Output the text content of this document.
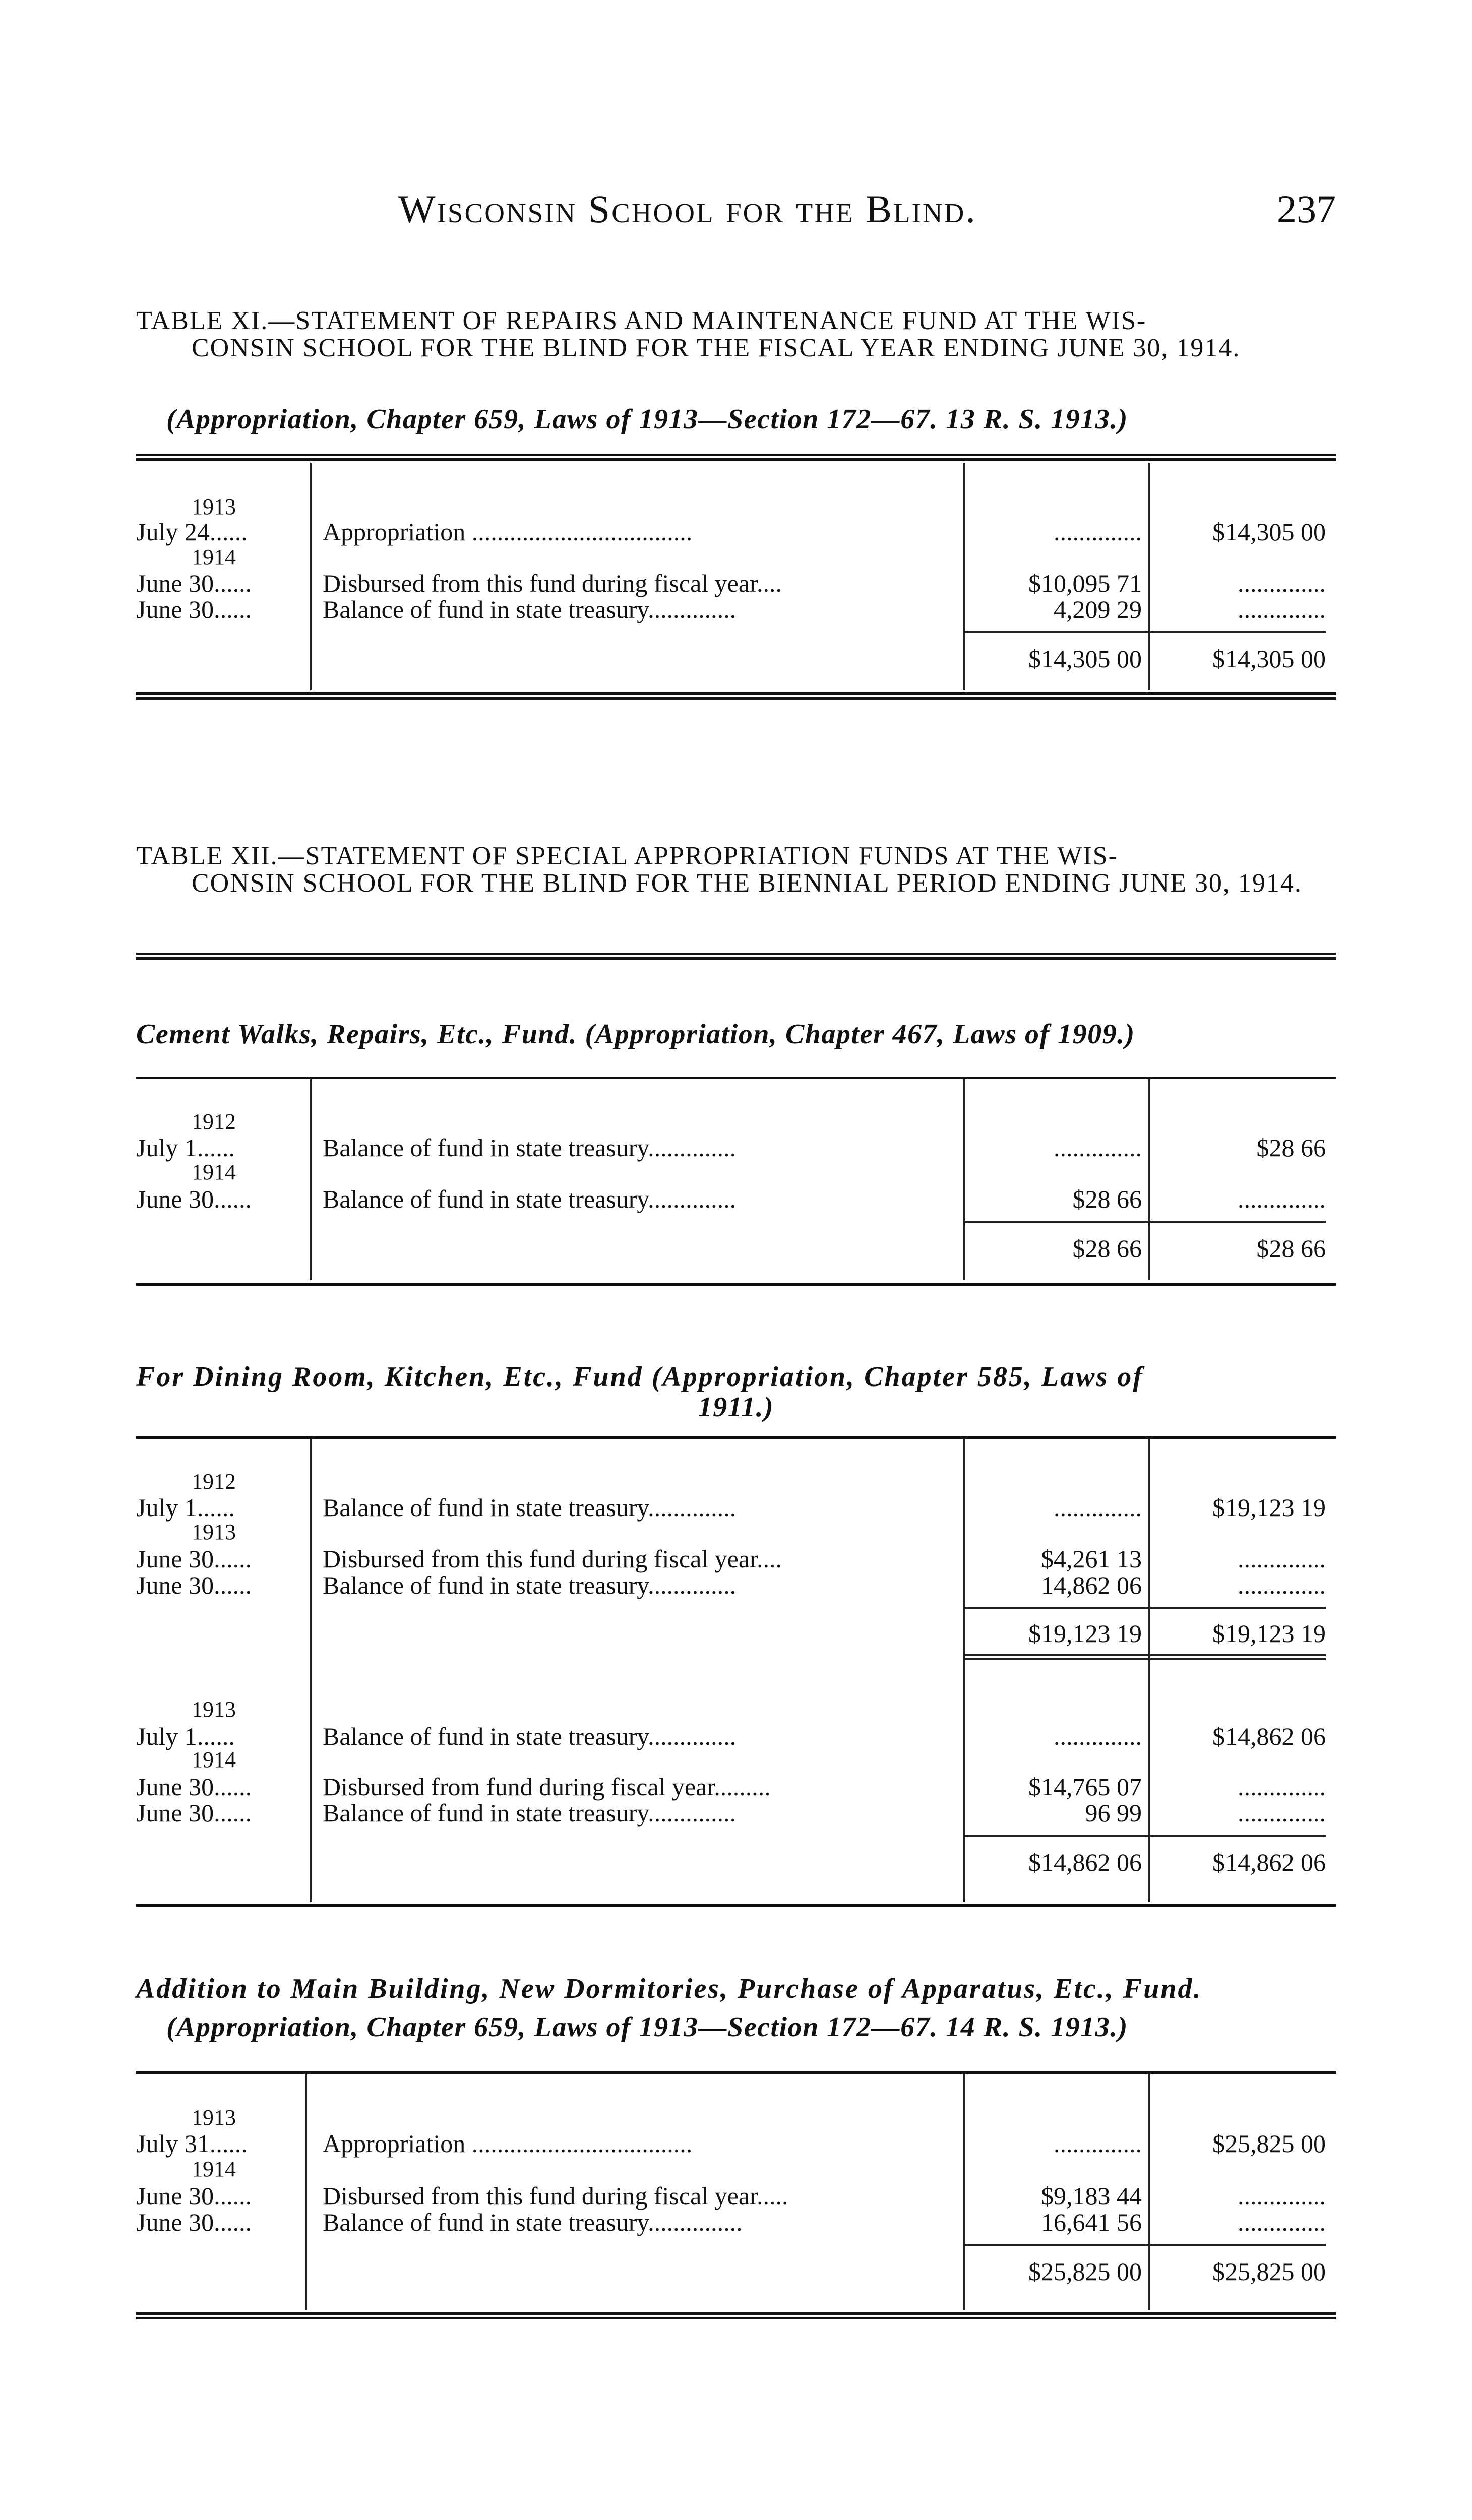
Wisconsin School for the Blind.	237
TABLE XI.—STATEMENT OF REPAIRS AND MAINTENANCE FUND AT THE WIS-
CONSIN SCHOOL FOR THE BLIND FOR THE FISCAL YEAR ENDING JUNE 30, 1914.
(Appropriation, Chapter 659, Laws of 1913—Section 172—67. 13 R. S. 1913.)
1913
July 24......	Appropriation ...................................	..............	$14,305 00
1914
June 30......	Disbursed from this fund during fiscal year....	$10,095 71	..............
June 30......	Balance of fund in state treasury..............	4,209 29	..............
$14,305 00	$14,305 00
TABLE XII.—STATEMENT OF SPECIAL APPROPRIATION FUNDS AT THE WIS-
CONSIN SCHOOL FOR THE BLIND FOR THE BIENNIAL PERIOD ENDING JUNE 30, 1914.
Cement Walks, Repairs, Etc., Fund. (Appropriation, Chapter 467, Laws of 1909.)
1912
July 1......	Balance of fund in state treasury..............	..............	$28 66
1914
June 30......	Balance of fund in state treasury..............	$28 66	..............
$28 66	$28 66
For Dining Room, Kitchen, Etc., Fund (Appropriation, Chapter 585, Laws of
1911.)
1912
July 1......	Balance of fund in state treasury..............	..............	$19,123 19
1913
June 30......	Disbursed from this fund during fiscal year....	$4,261 13	..............
June 30......	Balance of fund in state treasury..............	14,862 06	..............
$19,123 19	$19,123 19
1913
July 1......	Balance of fund in state treasury..............	..............	$14,862 06
1914
June 30......	Disbursed from fund during fiscal year.........	$14,765 07	..............
June 30......	Balance of fund in state treasury..............	96 99	..............
$14,862 06	$14,862 06
Addition to Main Building, New Dormitories, Purchase of Apparatus, Etc., Fund.
(Appropriation, Chapter 659, Laws of 1913—Section 172—67. 14 R. S. 1913.)
1913
July 31......	Appropriation ...................................	..............	$25,825 00
1914
June 30......	Disbursed from this fund during fiscal year.....	$9,183 44	..............
June 30......	Balance of fund in state treasury...............	16,641 56	..............
$25,825 00	$25,825 00
